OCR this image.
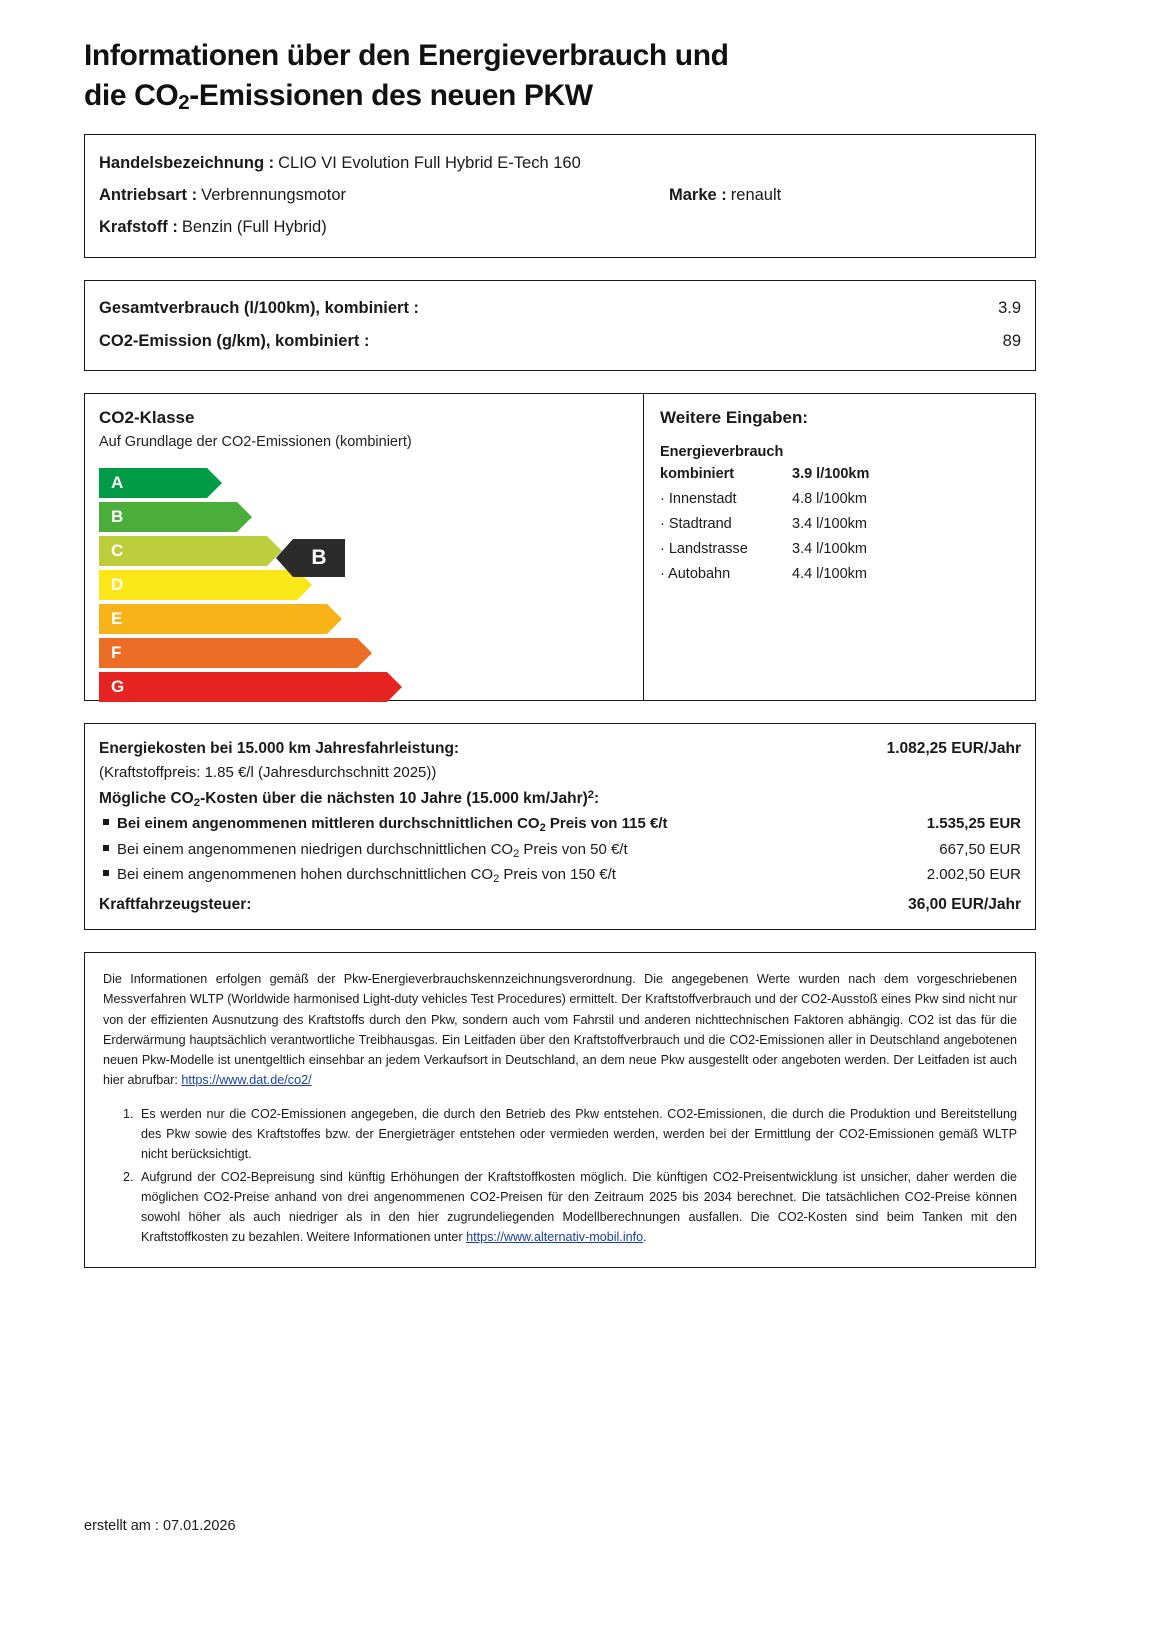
Informationen über den Energieverbrauch und
die $CO_2$-Emissionen des neuen PKW
Handelsbezeichnung : CLIO VI Evolution Full Hybrid E-Tech 160
Antriebsart : Verbrennungsmotor	Marke : renault
Krafstoff : Benzin (Full Hybrid)
Gesamtverbrauch (l/100km), kombiniert :	3.9
CO2-Emission (g/km), kombiniert :	89
CO2-Klasse
Auf Grundlage der CO2-Emissionen (kombiniert)
A
B
C
D
E
F
G
B
Weitere Eingaben:
Energieverbrauch
kombiniert	3.9 l/100km
· Innenstadt	4.8 l/100km
· Stadtrand	3.4 l/100km
· Landstrasse	3.4 l/100km
· Autobahn	4.4 l/100km
Energiekosten bei 15.000 km Jahresfahrleistung:	1.082,25 EUR/Jahr
(Kraftstoffpreis: 1.85 €/l (Jahresdurchschnitt 2025))
Mögliche $CO_2$-Kosten über die nächsten 10 Jahre (15.000 km/Jahr)$^2$:
Bei einem angenommenen mittleren durchschnittlichen $CO_2$ Preis von 115 €/t	1.535,25 EUR
Bei einem angenommenen niedrigen durchschnittlichen $CO_2$ Preis von 50 €/t	667,50 EUR
Bei einem angenommenen hohen durchschnittlichen $CO_2$ Preis von 150 €/t	2.002,50 EUR
Kraftfahrzeugsteuer:	36,00 EUR/Jahr
Die Informationen erfolgen gemäß der Pkw-Energieverbrauchskennzeichnungsverordnung. Die angegebenen Werte wurden nach dem vorgeschriebenen Messverfahren WLTP (Worldwide harmonised Light-duty vehicles Test Procedures) ermittelt. Der Kraftstoffverbrauch und der CO2-Ausstoß eines Pkw sind nicht nur von der effizienten Ausnutzung des Kraftstoffs durch den Pkw, sondern auch vom Fahrstil und anderen nichttechnischen Faktoren abhängig. CO2 ist das für die Erderwärmung hauptsächlich verantwortliche Treibhausgas. Ein Leitfaden über den Kraftstoffverbrauch und die CO2-Emissionen aller in Deutschland angebotenen neuen Pkw-Modelle ist unentgeltlich einsehbar an jedem Verkaufsort in Deutschland, an dem neue Pkw ausgestellt oder angeboten werden. Der Leitfaden ist auch hier abrufbar: https://www.dat.de/co2/
1. Es werden nur die CO2-Emissionen angegeben, die durch den Betrieb des Pkw entstehen. CO2-Emissionen, die durch die Produktion und Bereitstellung des Pkw sowie des Kraftstoffes bzw. der Energieträger entstehen oder vermieden werden, werden bei der Ermittlung der CO2-Emissionen gemäß WLTP nicht berücksichtigt.
2. Aufgrund der CO2-Bepreisung sind künftig Erhöhungen der Kraftstoffkosten möglich. Die künftigen CO2-Preisentwicklung ist unsicher, daher werden die möglichen CO2-Preise anhand von drei angenommenen CO2-Preisen für den Zeitraum 2025 bis 2034 berechnet. Die tatsächlichen CO2-Preise können sowohl höher als auch niedriger als in den hier zugrundeliegenden Modellberechnungen ausfallen. Die CO2-Kosten sind beim Tanken mit den Kraftstoffkosten zu bezahlen. Weitere Informationen unter https://www.alternativ-mobil.info.
erstellt am : 07.01.2026
